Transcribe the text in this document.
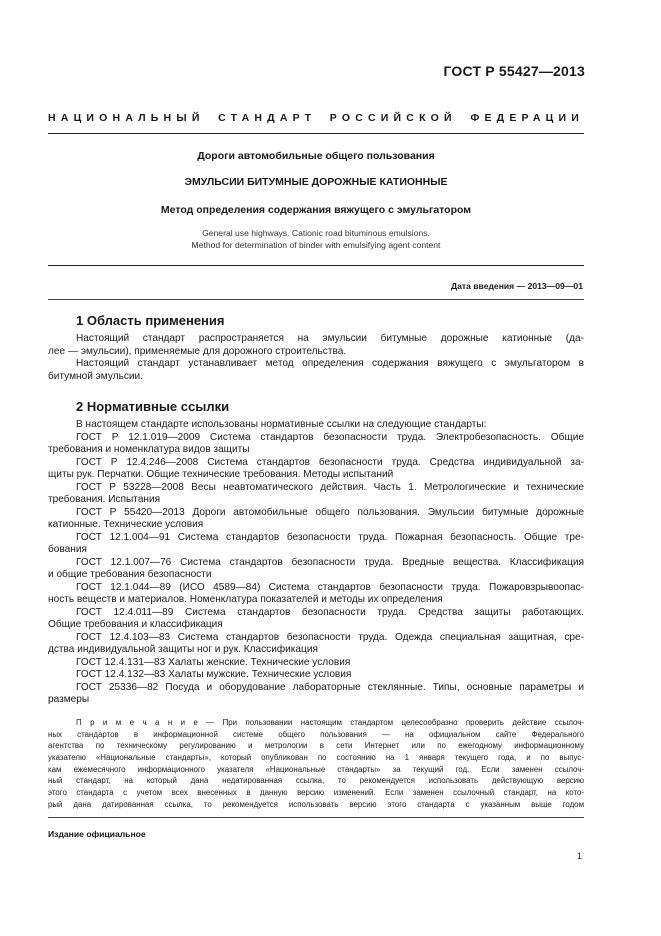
ГОСТ Р 55427—2013
НАЦИОНАЛЬНЫЙ СТАНДАРТ РОССИЙСКОЙ ФЕДЕРАЦИИ
Дороги автомобильные общего пользования
ЭМУЛЬСИИ БИТУМНЫЕ ДОРОЖНЫЕ КАТИОННЫЕ
Метод определения содержания вяжущего с эмульгатором
General use highways. Cationic road bituminous emulsions.
Method for determination of binder with emulsifying agent content
Дата введения — 2013—09—01
1 Область применения
Настоящий стандарт распространяется на эмульсии битумные дорожные катионные (да-
лее — эмульсии), применяемые для дорожного строительства.
Настоящий стандарт устанавливает метод определения содержания вяжущего с эмульгатором в
битумной эмульсии.
2 Нормативные ссылки
В настоящем стандарте использованы нормативные ссылки на следующие стандарты:
ГОСТ Р 12.1.019—2009 Система стандартов безопасности труда. Электробезопасность. Общие
требования и номенклатура видов защиты
ГОСТ Р 12.4.246—2008 Система стандартов безопасности труда. Средства индивидуальной за-
щиты рук. Перчатки. Общие технические требования. Методы испытаний
ГОСТ Р 53228—2008 Весы неавтоматического действия. Часть 1. Метрологические и технические
требования. Испытания
ГОСТ Р 55420—2013 Дороги автомобильные общего пользования. Эмульсии битумные дорожные
катионные. Технические условия
ГОСТ 12.1.004—91 Система стандартов безопасности труда. Пожарная безопасность. Общие тре-
бования
ГОСТ 12.1.007—76 Система стандартов безопасности труда. Вредные вещества. Классификация
и общие требования безопасности
ГОСТ 12.1.044—89 (ИСО 4589—84) Система стандартов безопасности труда. Пожаровзрывоопас-
ность веществ и материалов. Номенклатура показателей и методы их определения
ГОСТ 12.4.011—89 Система стандартов безопасности труда. Средства защиты работающих.
Общие требования и классификация
ГОСТ 12.4.103—83 Система стандартов безопасности труда. Одежда специальная защитная, сре-
дства индивидуальной защиты ног и рук. Классификация
ГОСТ 12.4.131—83 Халаты женские. Технические условия
ГОСТ 12.4.132—83 Халаты мужские. Технические условия
ГОСТ 25336—82 Посуда и оборудование лабораторные стеклянные. Типы, основные параметры и
размеры
П р и м е ч а н и е — При пользовании настоящим стандартом целесообразно проверить действие ссылоч-
ных стандартов в информационной системе общего пользования — на официальном сайте Федерального
агентства по техническому регулированию и метрологии в сети Интернет или по ежегодному информационному
указателю «Национальные стандарты», который опубликован по состоянию на 1 января текущего года, и по выпус-
кам ежемесячного информационного указателя «Национальные стандарты» за текущий год. Если заменен ссылоч-
ный стандарт, на который дана недатированная ссылка, то рекомендуется использовать действующую версию
этого стандарта с учетом всех внесенных в данную версию изменений. Если заменен ссылочный стандарт, на кото-
рый дана датированная ссылка, то рекомендуется использовать версию этого стандарта с указанным выше годом
Издание официальное
1
